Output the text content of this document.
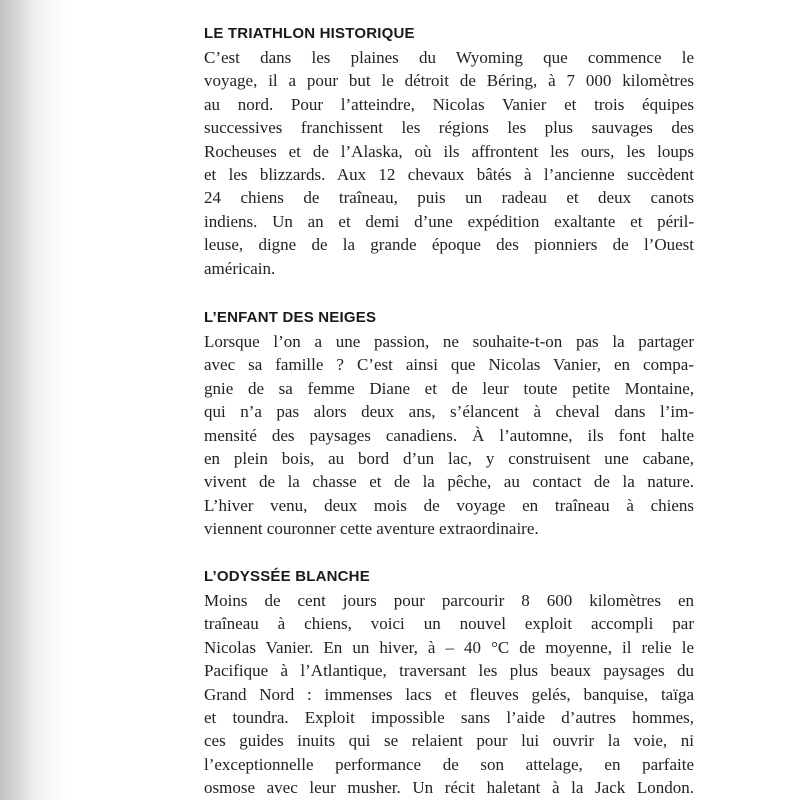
LE TRIATHLON HISTORIQUE

C’est dans les plaines du Wyoming que commence le
voyage, il a pour but le détroit de Béring, à 7 000 kilomètres
au nord. Pour l’atteindre, Nicolas Vanier et trois équipes
successives franchissent les régions les plus sauvages des
Rocheuses et de l’Alaska, où ils affrontent les ours, les loups
et les blizzards. Aux 12 chevaux bâtés à l’ancienne succèdent
24 chiens de traîneau, puis un radeau et deux canots
indiens. Un an et demi d’une expédition exaltante et péril-
leuse, digne de la grande époque des pionniers de l’Ouest
américain.

L’ENFANT DES NEIGES

Lorsque l’on a une passion, ne souhaite-t-on pas la partager
avec sa famille ? C’est ainsi que Nicolas Vanier, en compa-
gnie de sa femme Diane et de leur toute petite Montaine,
qui n’a pas alors deux ans, s’élancent à cheval dans l’im-
mensité des paysages canadiens. À l’automne, ils font halte
en plein bois, au bord d’un lac, y construisent une cabane,
vivent de la chasse et de la pêche, au contact de la nature.
L’hiver venu, deux mois de voyage en traîneau à chiens
viennent couronner cette aventure extraordinaire.

L’ODYSSÉE BLANCHE

Moins de cent jours pour parcourir 8 600 kilomètres en
traîneau à chiens, voici un nouvel exploit accompli par
Nicolas Vanier. En un hiver, à – 40 °C de moyenne, il relie le
Pacifique à l’Atlantique, traversant les plus beaux paysages du
Grand Nord : immenses lacs et fleuves gelés, banquise, taïga
et toundra. Exploit impossible sans l’aide d’autres hommes,
ces guides inuits qui se relaient pour lui ouvrir la voie, ni
l’exceptionnelle performance de son attelage, en parfaite
osmose avec leur musher. Un récit haletant à la Jack London.
